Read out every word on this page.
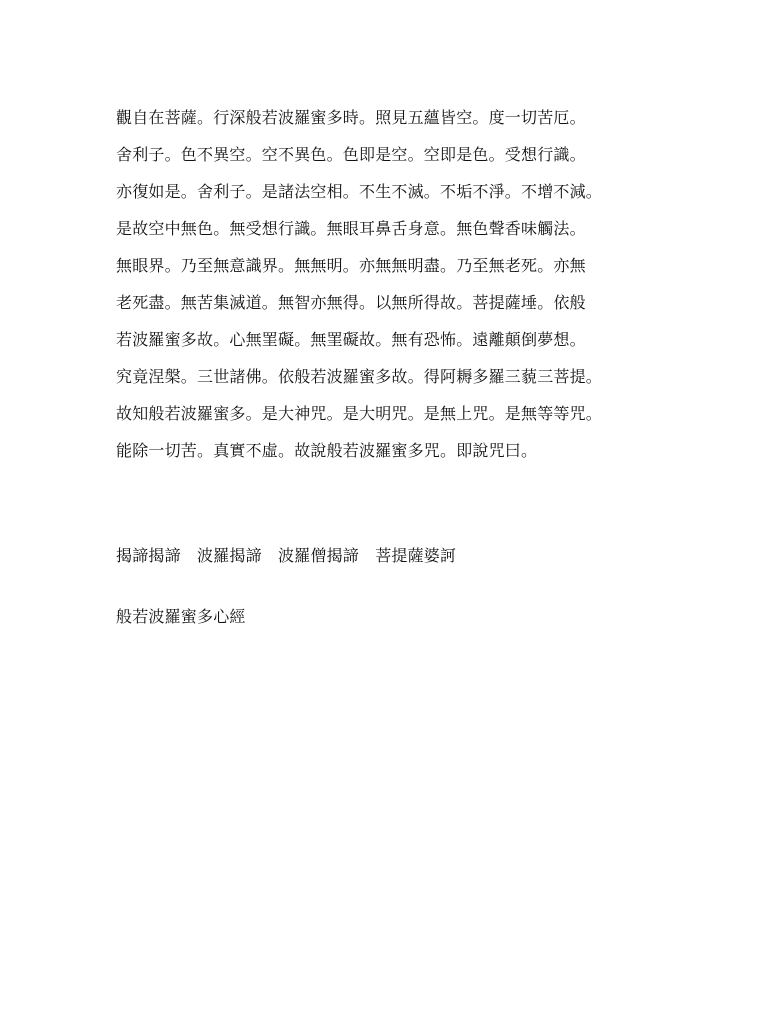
觀自在菩薩。行深般若波羅蜜多時。照見五蘊皆空。度一切苦厄。
舍利子。色不異空。空不異色。色即是空。空即是色。受想行識。
亦復如是。舍利子。是諸法空相。不生不滅。不垢不淨。不增不減。
是故空中無色。無受想行識。無眼耳鼻舌身意。無色聲香味觸法。
無眼界。乃至無意識界。無無明。亦無無明盡。乃至無老死。亦無
老死盡。無苦集滅道。無智亦無得。以無所得故。菩提薩埵。依般
若波羅蜜多故。心無罣礙。無罣礙故。無有恐怖。遠離顛倒夢想。
究竟涅槃。三世諸佛。依般若波羅蜜多故。得阿耨多羅三藐三菩提。
故知般若波羅蜜多。是大神咒。是大明咒。是無上咒。是無等等咒。
能除一切苦。真實不虛。故說般若波羅蜜多咒。即說咒曰。
揭諦揭諦　波羅揭諦　波羅僧揭諦　菩提薩婆訶
般若波羅蜜多心經
